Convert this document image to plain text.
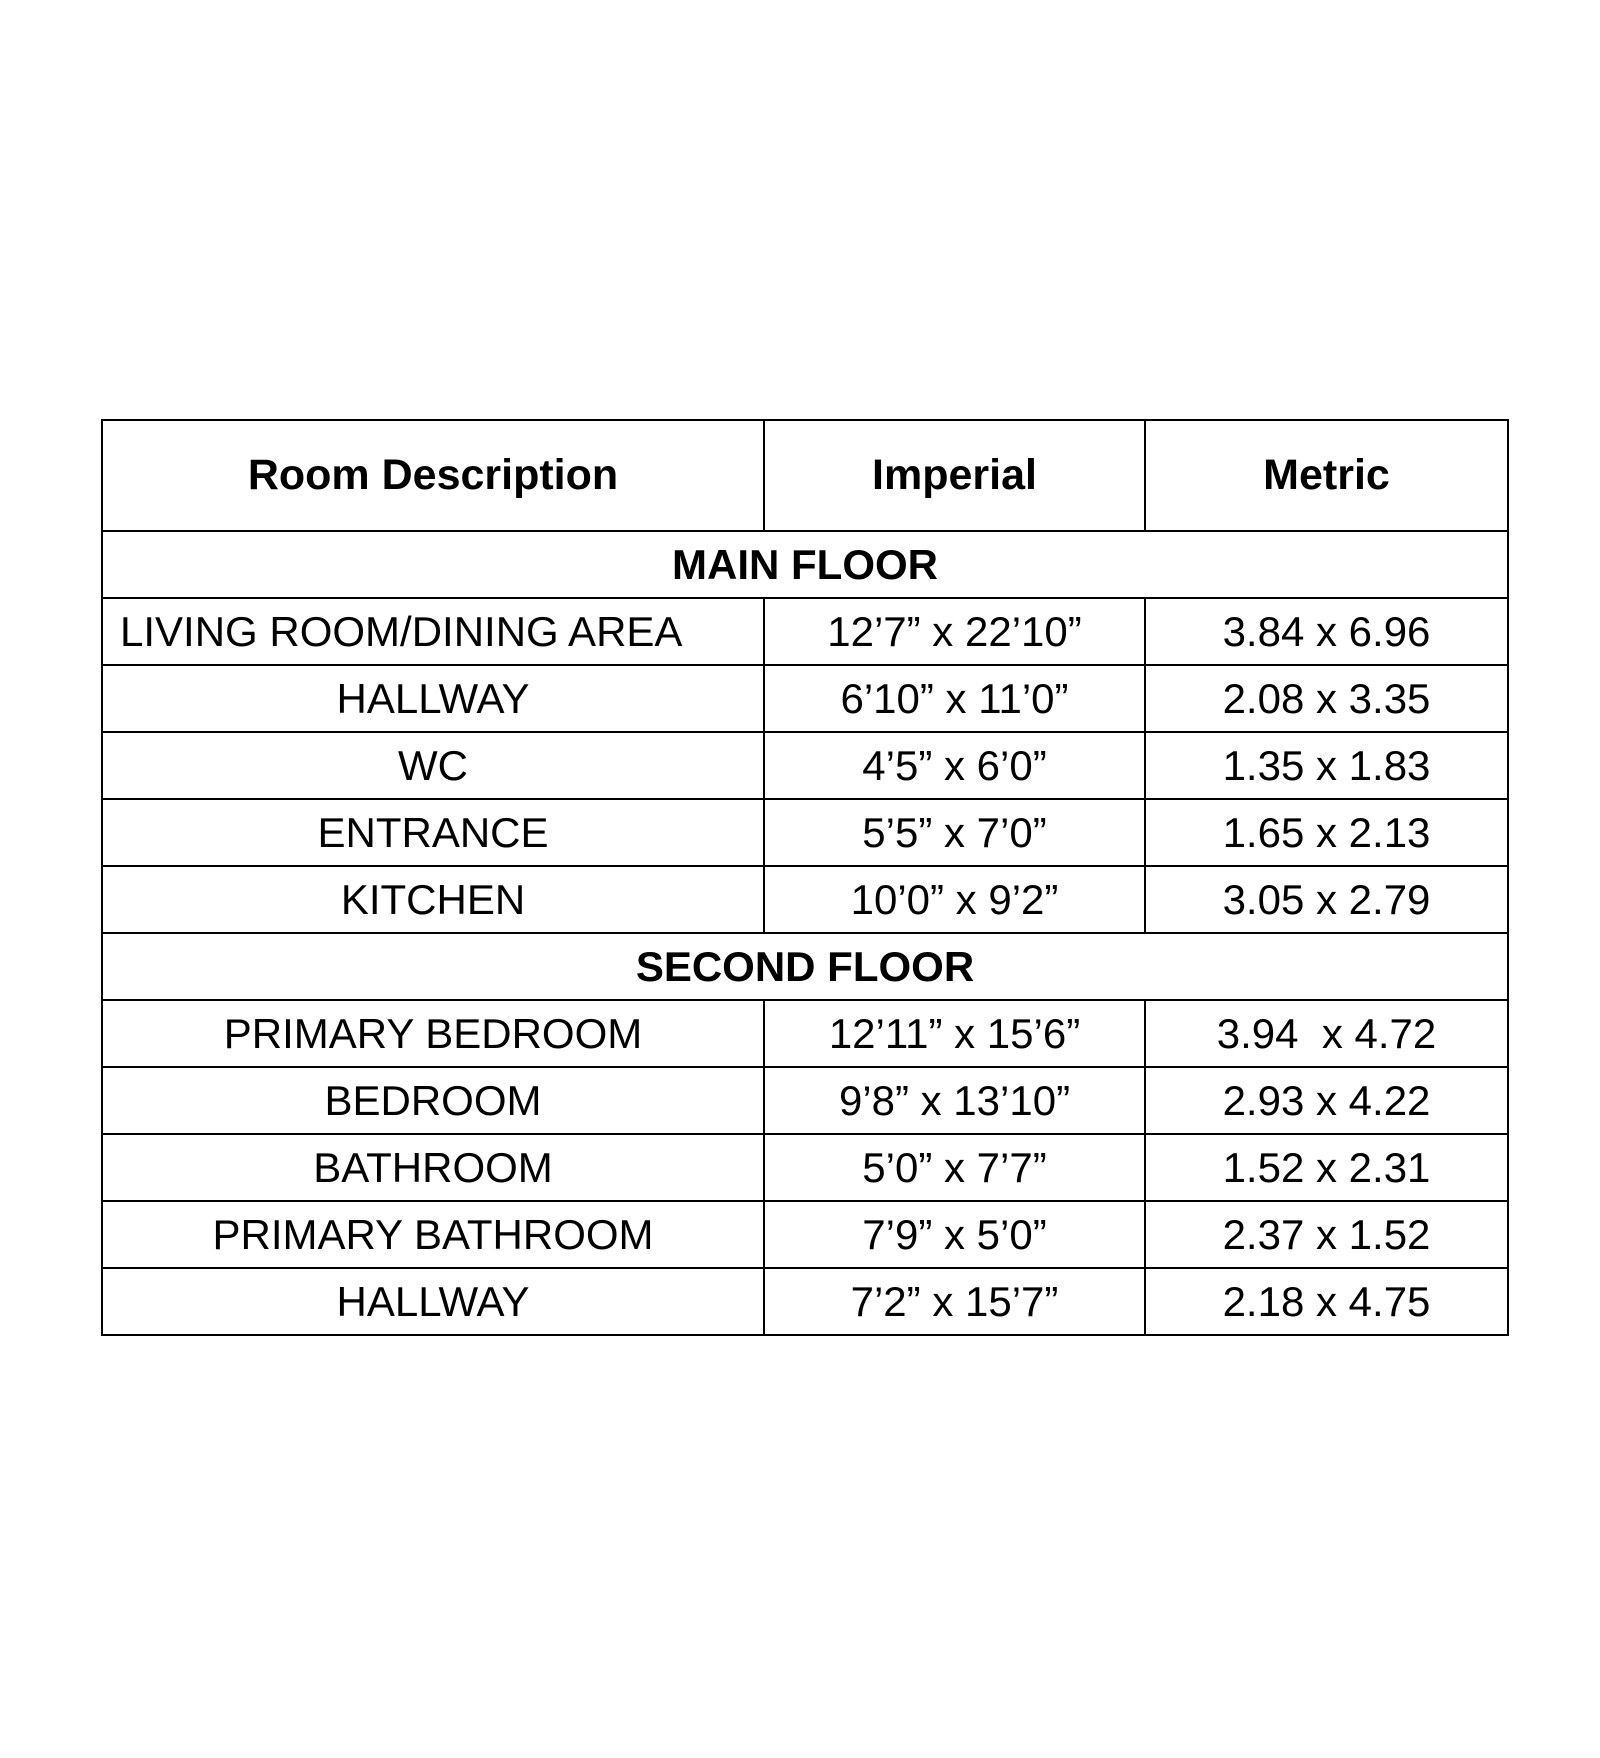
Room Description	Imperial	Metric
MAIN FLOOR		
LIVING ROOM/DINING AREA	12’7” x 22’10”	3.84 x 6.96
HALLWAY	6’10” x 11’0”	2.08 x 3.35
WC	4’5” x 6’0”	1.35 x 1.83
ENTRANCE	5’5” x 7’0”	1.65 x 2.13
KITCHEN	10’0” x 9’2”	3.05 x 2.79
SECOND FLOOR		
PRIMARY BEDROOM	12’11” x 15’6”	3.94  x 4.72
BEDROOM	9’8” x 13’10”	2.93 x 4.22
BATHROOM	5’0” x 7’7”	1.52 x 2.31
PRIMARY BATHROOM	7’9” x 5’0”	2.37 x 1.52
HALLWAY	7’2” x 15’7”	2.18 x 4.75
